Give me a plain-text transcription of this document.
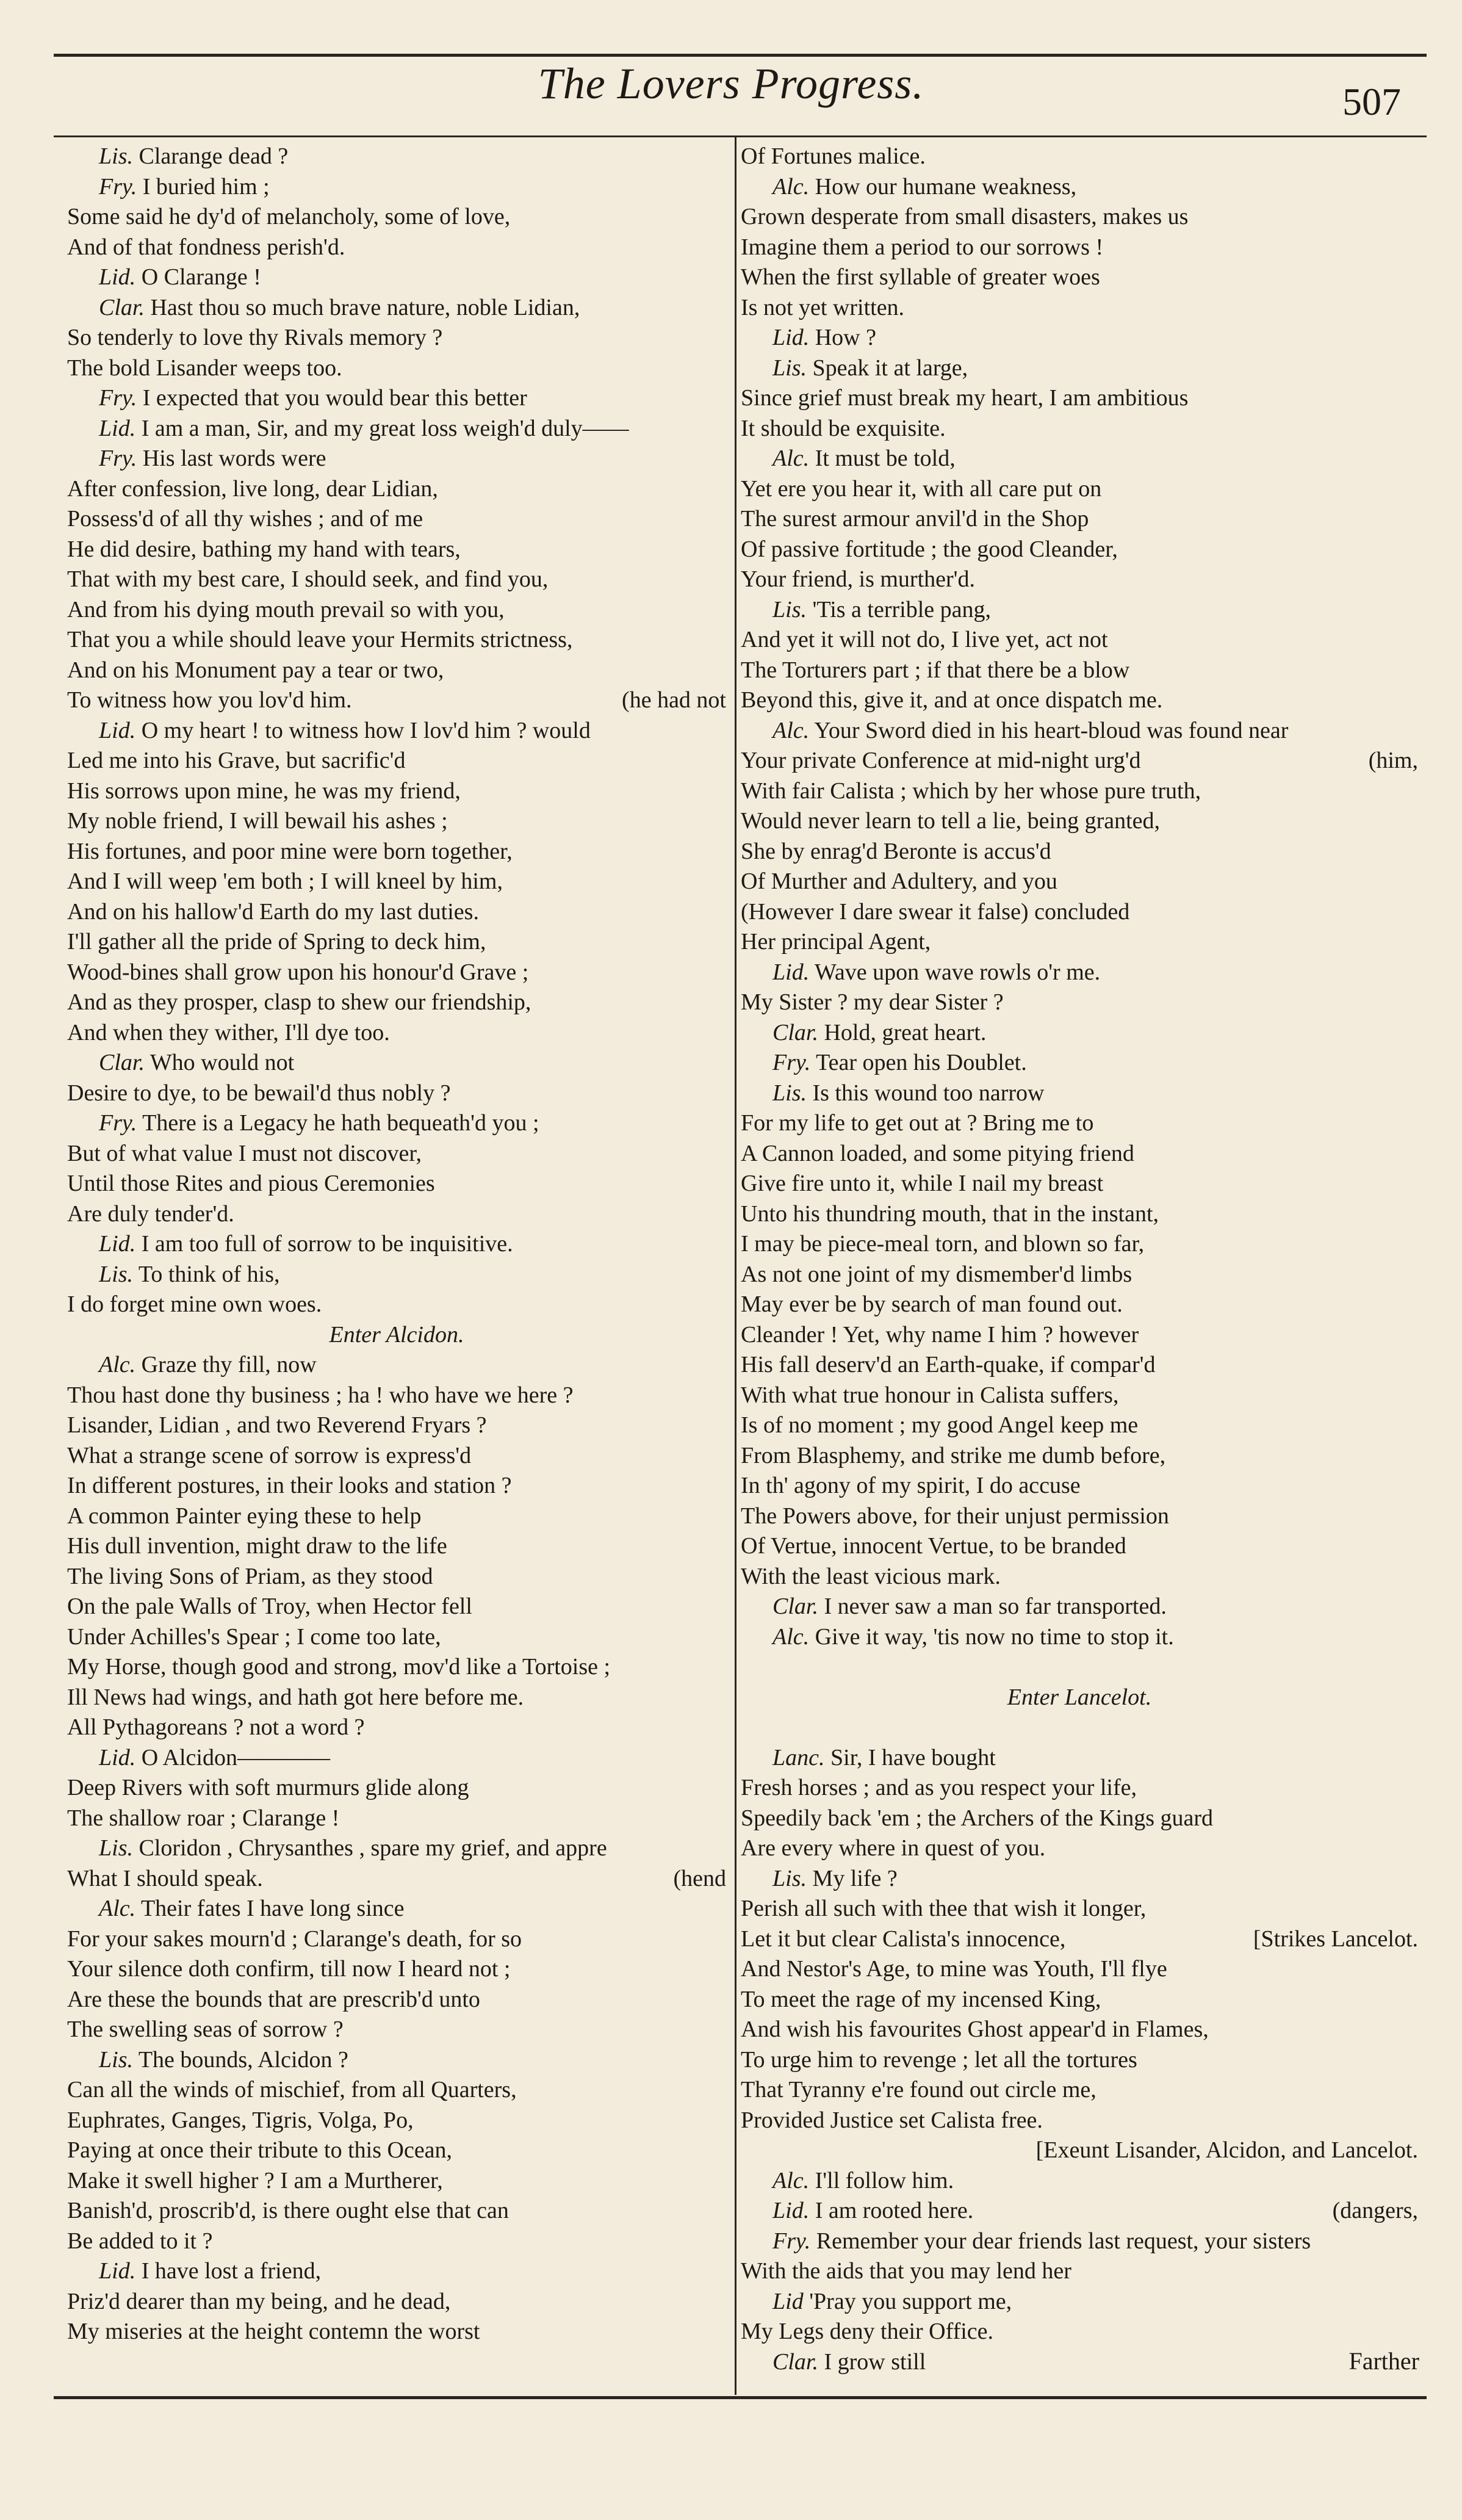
The Lovers Progress.	507
Lis. Clarange dead ?
Fry. I buried him ;
Some said he dy'd of melancholy, some of love,
And of that fondness perish'd.
Lid. O Clarange !
Clar. Hast thou so much brave nature, noble Lidian,
So tenderly to love thy Rivals memory ?
The bold Lisander weeps too.
Fry. I expected that you would bear this better
Lid. I am a man, Sir, and my great loss weigh'd duly——
Fry. His last words were
After confession, live long, dear Lidian,
Possess'd of all thy wishes ; and of me
He did desire, bathing my hand with tears,
That with my best care, I should seek, and find you,
And from his dying mouth prevail so with you,
That you a while should leave your Hermits strictness,
And on his Monument pay a tear or two,
To witness how you lov'd him.	(he had not
Lid. O my heart ! to witness how I lov'd him ? would
Led me into his Grave, but sacrific'd
His sorrows upon mine, he was my friend,
My noble friend, I will bewail his ashes ;
His fortunes, and poor mine were born together,
And I will weep 'em both ; I will kneel by him,
And on his hallow'd Earth do my last duties.
I'll gather all the pride of Spring to deck him,
Wood-bines shall grow upon his honour'd Grave ;
And as they prosper, clasp to shew our friendship,
And when they wither, I'll dye too.
Clar. Who would not
Desire to dye, to be bewail'd thus nobly ?
Fry. There is a Legacy he hath bequeath'd you ;
But of what value I must not discover,
Until those Rites and pious Ceremonies
Are duly tender'd.
Lid. I am too full of sorrow to be inquisitive.
Lis. To think of his,
I do forget mine own woes.
Enter Alcidon.
Alc. Graze thy fill, now
Thou hast done thy business ; ha ! who have we here ?
Lisander, Lidian , and two Reverend Fryars ?
What a strange scene of sorrow is express'd
In different postures, in their looks and station ?
A common Painter eying these to help
His dull invention, might draw to the life
The living Sons of Priam, as they stood
On the pale Walls of Troy, when Hector fell
Under Achilles's Spear ; I come too late,
My Horse, though good and strong, mov'd like a Tortoise ;
Ill News had wings, and hath got here before me.
All Pythagoreans ? not a word ?
Lid. O Alcidon————
Deep Rivers with soft murmurs glide along
The shallow roar ; Clarange !
Lis. Cloridon , Chrysanthes , spare my grief, and appre
What I should speak.	(hend
Alc. Their fates I have long since
For your sakes mourn'd ; Clarange's death, for so
Your silence doth confirm, till now I heard not ;
Are these the bounds that are prescrib'd unto
The swelling seas of sorrow ?
Lis. The bounds, Alcidon ?
Can all the winds of mischief, from all Quarters,
Euphrates, Ganges, Tigris, Volga, Po,
Paying at once their tribute to this Ocean,
Make it swell higher ? I am a Murtherer,
Banish'd, proscrib'd, is there ought else that can
Be added to it ?
Lid. I have lost a friend,
Priz'd dearer than my being, and he dead,
My miseries at the height contemn the worst
Of Fortunes malice.
Alc. How our humane weakness,
Grown desperate from small disasters, makes us
Imagine them a period to our sorrows !
When the first syllable of greater woes
Is not yet written.
Lid. How ?
Lis. Speak it at large,
Since grief must break my heart, I am ambitious
It should be exquisite.
Alc. It must be told,
Yet ere you hear it, with all care put on
The surest armour anvil'd in the Shop
Of passive fortitude ; the good Cleander,
Your friend, is murther'd.
Lis. 'Tis a terrible pang,
And yet it will not do, I live yet, act not
The Torturers part ; if that there be a blow
Beyond this, give it, and at once dispatch me.
Alc. Your Sword died in his heart-bloud was found near
Your private Conference at mid-night urg'd	(him,
With fair Calista ; which by her whose pure truth,
Would never learn to tell a lie, being granted,
She by enrag'd Beronte is accus'd
Of Murther and Adultery, and you
(However I dare swear it false) concluded
Her principal Agent,
Lid. Wave upon wave rowls o'r me.
My Sister ? my dear Sister ?
Clar. Hold, great heart.
Fry. Tear open his Doublet.
Lis. Is this wound too narrow
For my life to get out at ? Bring me to
A Cannon loaded, and some pitying friend
Give fire unto it, while I nail my breast
Unto his thundring mouth, that in the instant,
I may be piece-meal torn, and blown so far,
As not one joint of my dismember'd limbs
May ever be by search of man found out.
Cleander ! Yet, why name I him ? however
His fall deserv'd an Earth-quake, if compar'd
With what true honour in Calista suffers,
Is of no moment ; my good Angel keep me
From Blasphemy, and strike me dumb before,
In th' agony of my spirit, I do accuse
The Powers above, for their unjust permission
Of Vertue, innocent Vertue, to be branded
With the least vicious mark.
Clar. I never saw a man so far transported.
Alc. Give it way, 'tis now no time to stop it.
Enter Lancelot.
Lanc. Sir, I have bought
Fresh horses ; and as you respect your life,
Speedily back 'em ; the Archers of the Kings guard
Are every where in quest of you.
Lis. My life ?
Perish all such with thee that wish it longer,
Let it but clear Calista's innocence,	[Strikes Lancelot.
And Nestor's Age, to mine was Youth, I'll flye
To meet the rage of my incensed King,
And wish his favourites Ghost appear'd in Flames,
To urge him to revenge ; let all the tortures
That Tyranny e're found out circle me,
Provided Justice set Calista free.
[Exeunt Lisander, Alcidon, and Lancelot.
Alc. I'll follow him.
Lid. I am rooted here.	(dangers,
Fry. Remember your dear friends last request, your sisters
With the aids that you may lend her
Lid 'Pray you support me,
My Legs deny their Office.
Clar. I grow still	Farther
